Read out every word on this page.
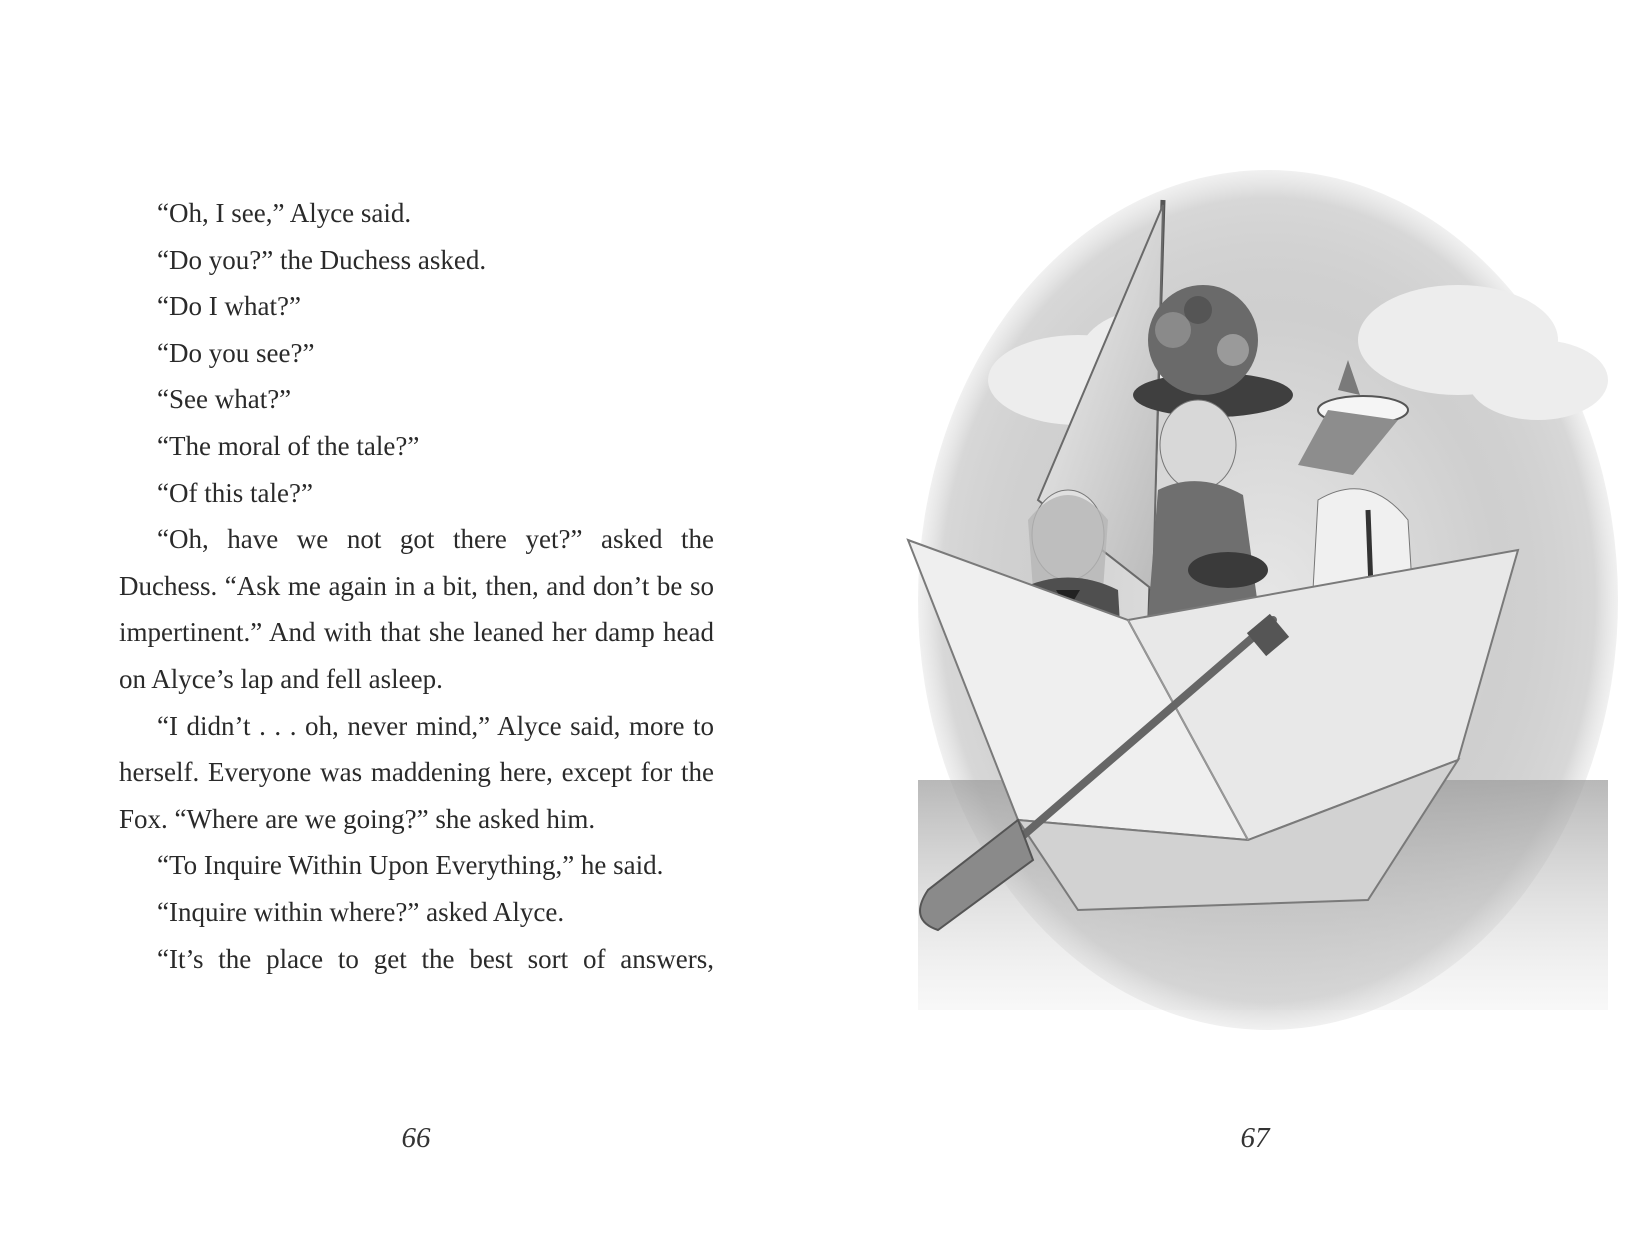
“Oh, I see,” Alyce said.

“Do you?” the Duchess asked.

“Do I what?”

“Do you see?”

“See what?”

“The moral of the tale?”

“Of this tale?”

“Oh, have we not got there yet?” asked the Duchess. “Ask me again in a bit, then, and don’t be so impertinent.” And with that she leaned her damp head on Alyce’s lap and fell asleep.

“I didn’t . . . oh, never mind,” Alyce said, more to herself. Everyone was maddening here, except for the Fox. “Where are we going?” she asked him.

“To Inquire Within Upon Everything,” he said.

“Inquire within where?” asked Alyce.

“It’s the place to get the best sort of answers,

66	67
